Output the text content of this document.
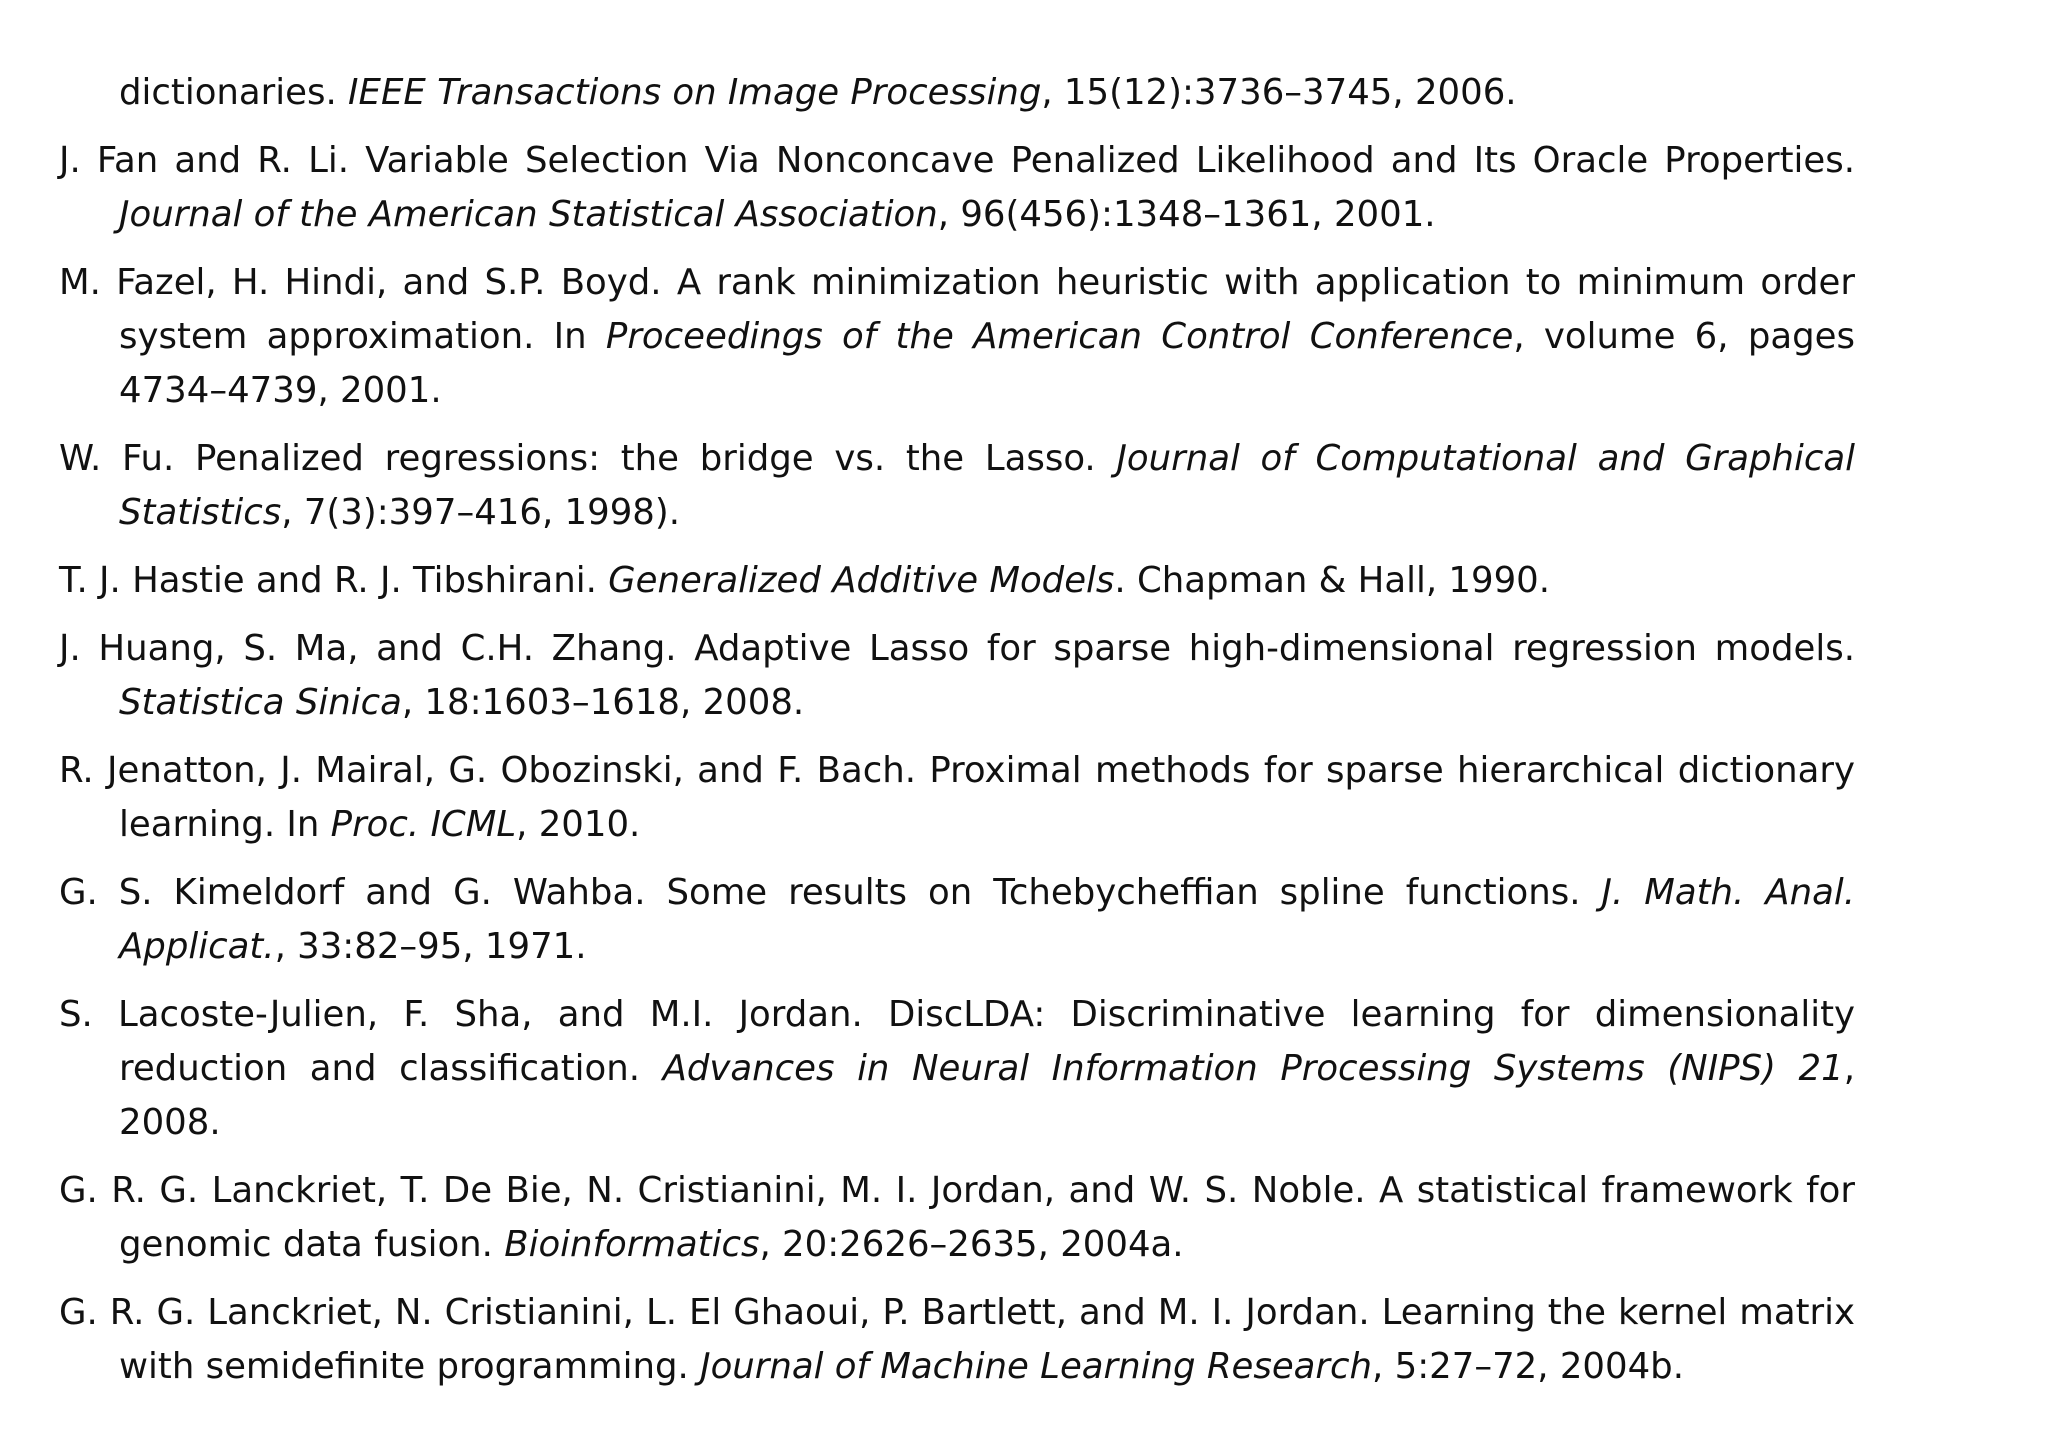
dictionaries. IEEE Transactions on Image Processing, 15(12):3736–3745, 2006.
J. Fan and R. Li. Variable Selection Via Nonconcave Penalized Likelihood and Its Oracle Properties. Journal of the American Statistical Association, 96(456):1348–1361, 2001.
M. Fazel, H. Hindi, and S.P. Boyd. A rank minimization heuristic with application to minimum order system approximation. In Proceedings of the American Control Conference, volume 6, pages 4734–4739, 2001.
W. Fu. Penalized regressions: the bridge vs. the Lasso. Journal of Computational and Graphical Statistics, 7(3):397–416, 1998).
T. J. Hastie and R. J. Tibshirani. Generalized Additive Models. Chapman & Hall, 1990.
J. Huang, S. Ma, and C.H. Zhang. Adaptive Lasso for sparse high-dimensional regression models. Statistica Sinica, 18:1603–1618, 2008.
R. Jenatton, J. Mairal, G. Obozinski, and F. Bach. Proximal methods for sparse hierarchical dictionary learning. In Proc. ICML, 2010.
G. S. Kimeldorf and G. Wahba. Some results on Tchebycheffian spline functions. J. Math. Anal. Applicat., 33:82–95, 1971.
S. Lacoste-Julien, F. Sha, and M.I. Jordan. DiscLDA: Discriminative learning for dimensionality reduction and classification. Advances in Neural Information Processing Systems (NIPS) 21, 2008.
G. R. G. Lanckriet, T. De Bie, N. Cristianini, M. I. Jordan, and W. S. Noble. A statistical framework for genomic data fusion. Bioinformatics, 20:2626–2635, 2004a.
G. R. G. Lanckriet, N. Cristianini, L. El Ghaoui, P. Bartlett, and M. I. Jordan. Learning the kernel matrix with semidefinite programming. Journal of Machine Learning Research, 5:27–72, 2004b.
